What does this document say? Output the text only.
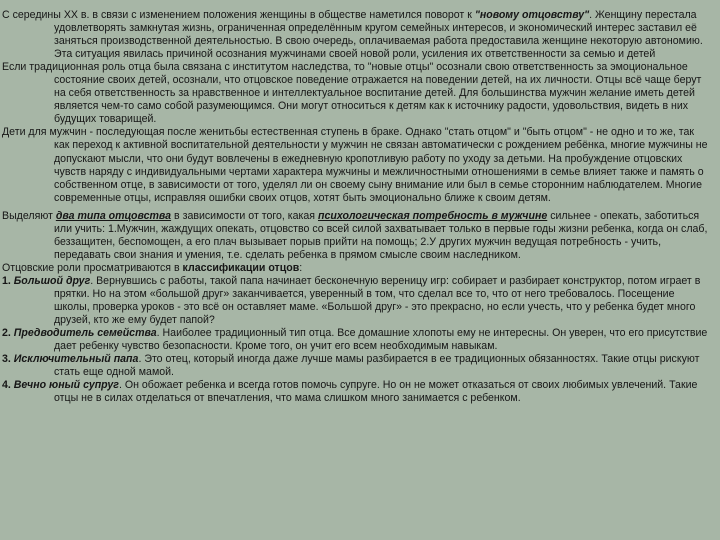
С середины XX в. в связи с изменением положения женщины в обществе наметился поворот к "новому отцовству". Женщину перестала удовлетворять замкнутая жизнь, ограниченная определённым кругом семейных интересов, и экономический интерес заставил её заняться производственной деятельностью. В свою очередь, оплачиваемая работа предоставила женщине некоторую автономию. Эта ситуация явилась причиной осознания мужчинами своей новой роли, усиления их ответственности за семью и детей

Если традиционная роль отца была связана с институтом наследства, то "новые отцы" осознали свою ответственность за эмоциональное состояние своих детей, осознали, что отцовское поведение отражается на поведении детей, на их личности. Отцы всё чаще берут на себя ответственность за нравственное и интеллектуальное воспитание детей. Для большинства мужчин желание иметь детей является чем-то само собой разумеющимся. Они могут относиться к детям как к источнику радости, удовольствия, видеть в них будущих товарищей.

Дети для мужчин - последующая после женитьбы естественная ступень в браке. Однако "стать отцом" и "быть отцом" - не одно и то же, так как переход к активной воспитательной деятельности у мужчин не связан автоматически с рождением ребёнка, многие мужчины не допускают мысли, что они будут вовлечены в ежедневную кропотливую работу по уходу за детьми. На пробуждение отцовских чувств наряду с индивидуальными чертами характера мужчины и межличностными отношениями в семье влияет также и память о собственном отце, в зависимости от того, уделял ли он своему сыну внимание или был в семье сторонним наблюдателем. Многие современные отцы, исправляя ошибки своих отцов, хотят быть эмоционально ближе к своим детям.

Выделяют два типа отцовства в зависимости от того, какая психологическая потребность в мужчине сильнее - опекать, заботиться или учить: 1.Мужчин, жаждущих опекать, отцовство со всей силой захватывает только в первые годы жизни ребенка, когда он слаб, беззащитен, беспомощен, а его плач вызывает порыв прийти на помощь; 2.У других мужчин ведущая потребность - учить, передавать свои знания и умения, т.е. сделать ребенка в прямом смысле своим наследником.

Отцовские роли просматриваются в классификации отцов:

1. Большой друг. Вернувшись с работы, такой папа начинает бесконечную вереницу игр: собирает и разбирает конструктор, потом играет в прятки. Но на этом «большой друг» заканчивается, уверенный в том, что сделал все то, что от него требовалось. Посещение школы, проверка уроков - это всё он оставляет маме. «Большой друг» - это прекрасно, но если учесть, что у ребенка будет много друзей, кто же ему будет папой?

2. Предводитель семейства. Наиболее традиционный тип отца. Все домашние хлопоты ему не интересны. Он уверен, что его присутствие дает ребенку чувство безопасности. Кроме того, он учит его всем необходимым навыкам.

3. Исключительный папа. Это отец, который иногда даже лучше мамы разбирается в ее традиционных обязанностях. Такие отцы рискуют стать еще одной мамой.

4. Вечно юный супруг. Он обожает ребенка и всегда готов помочь супруге. Но он не может отказаться от своих любимых увлечений. Такие отцы не в силах отделаться от впечатления, что мама слишком много занимается с ребенком.
